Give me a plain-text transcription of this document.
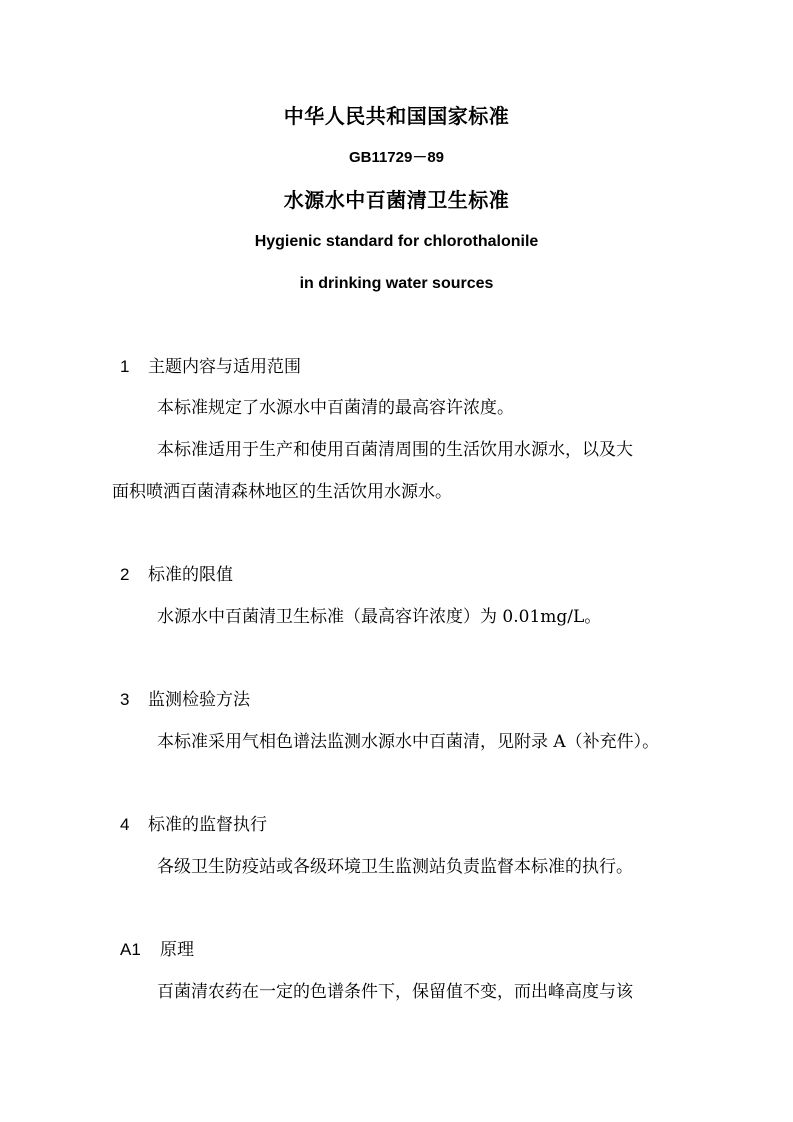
中华人民共和国国家标准
GB11729－89
水源水中百菌清卫生标准
Hygienic standard for chlorothalonile
in drinking water sources
1 主题内容与适用范围
本标准规定了水源水中百菌清的最高容许浓度。
本标准适用于生产和使用百菌清周围的生活饮用水源水，以及大
面积喷洒百菌清森林地区的生活饮用水源水。
2 标准的限值
水源水中百菌清卫生标准（最高容许浓度）为 0.01mg/L。
3 监测检验方法
本标准采用气相色谱法监测水源水中百菌清，见附录 A（补充件）。
4 标准的监督执行
各级卫生防疫站或各级环境卫生监测站负责监督本标准的执行。
A1 原理
百菌清农药在一定的色谱条件下，保留值不变，而出峰高度与该
